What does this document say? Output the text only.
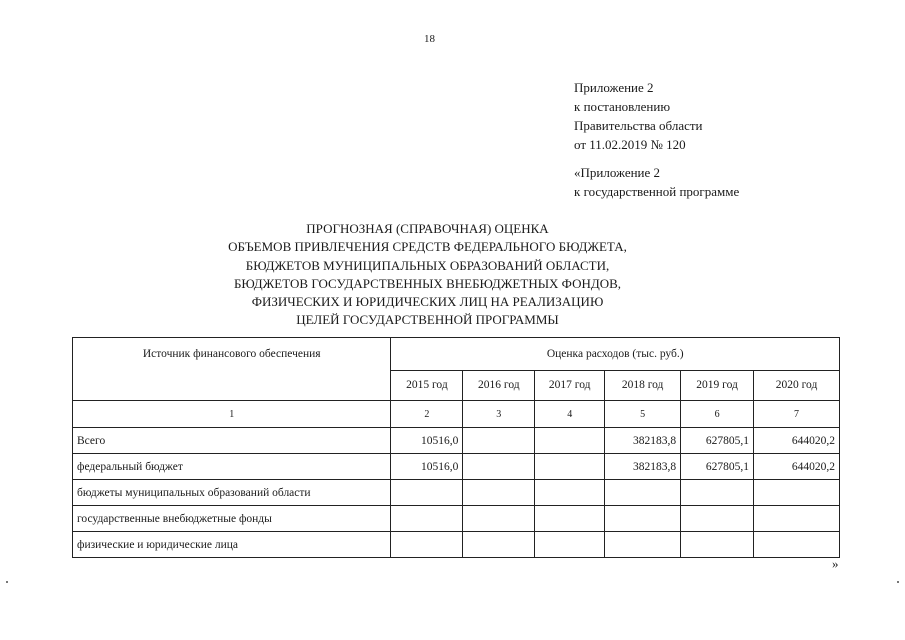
18
Приложение 2
к постановлению
Правительства области
от 11.02.2019 № 120
«Приложение 2
к государственной программе
ПРОГНОЗНАЯ (СПРАВОЧНАЯ) ОЦЕНКА
ОБЪЕМОВ ПРИВЛЕЧЕНИЯ СРЕДСТВ ФЕДЕРАЛЬНОГО БЮДЖЕТА,
БЮДЖЕТОВ МУНИЦИПАЛЬНЫХ ОБРАЗОВАНИЙ ОБЛАСТИ,
БЮДЖЕТОВ ГОСУДАРСТВЕННЫХ ВНЕБЮДЖЕТНЫХ ФОНДОВ,
ФИЗИЧЕСКИХ И ЮРИДИЧЕСКИХ ЛИЦ НА РЕАЛИЗАЦИЮ
ЦЕЛЕЙ ГОСУДАРСТВЕННОЙ ПРОГРАММЫ
Источник финансового обеспечения	Оценка расходов (тыс. руб.)					
	2015 год	2016 год	2017 год	2018 год	2019 год	2020 год
1	2	3	4	5	6	7
Всего	10516,0			382183,8	627805,1	644020,2
федеральный бюджет	10516,0			382183,8	627805,1	644020,2
бюджеты муниципальных образований области						
государственные внебюджетные фонды						
физические и юридические лица						
»
